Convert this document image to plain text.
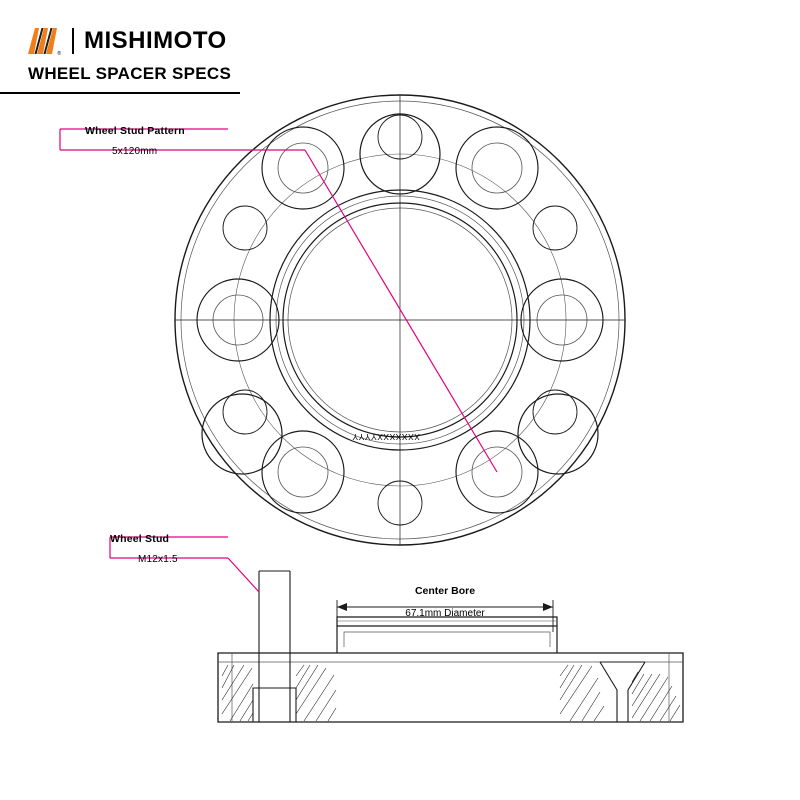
® MISHIMOTO
WHEEL SPACER SPECS
Wheel Stud Pattern
5x120mm
Wheel Stud
M12x1.5
Center Bore
67.1mm Diameter
XXXXXXXYYYY
